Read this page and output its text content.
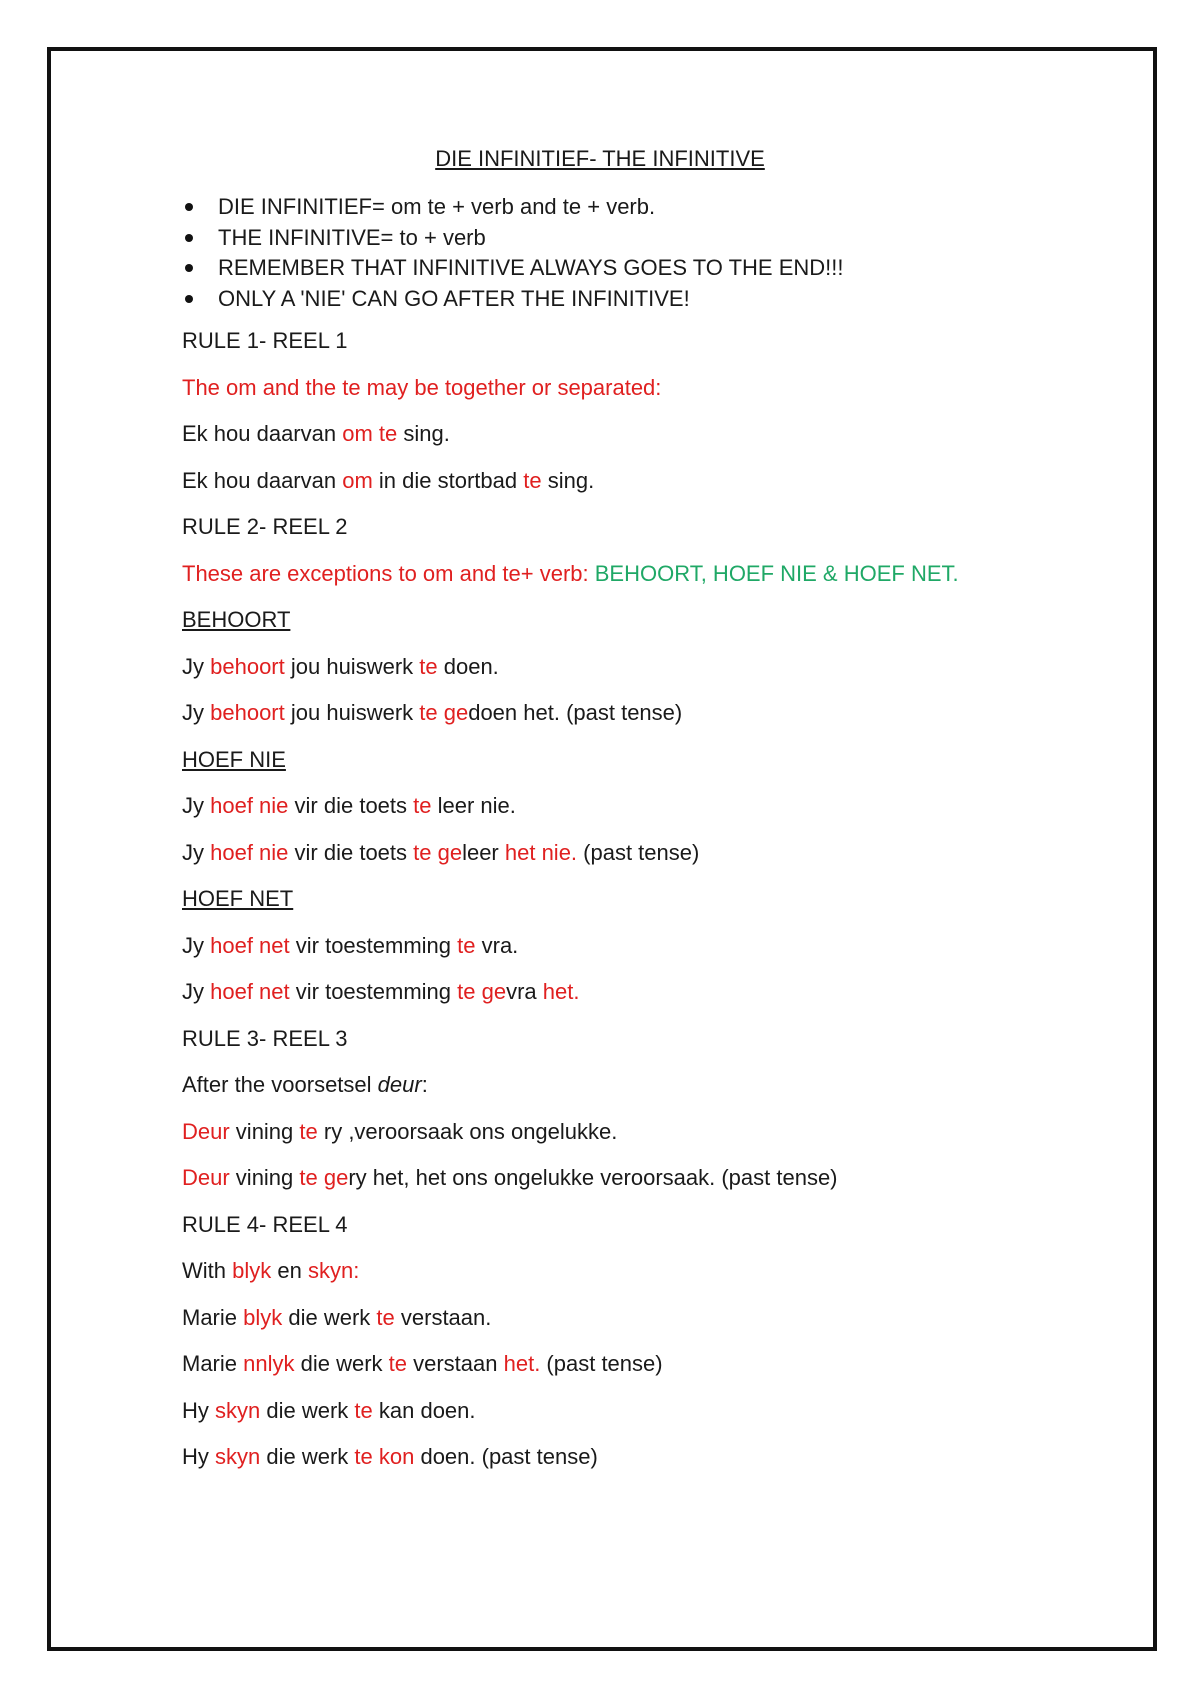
DIE INFINITIEF- THE INFINITIVE
DIE INFINITIEF= om te + verb and te + verb.
THE INFINITIVE= to + verb
REMEMBER THAT INFINITIVE ALWAYS GOES TO THE END!!!
ONLY A 'NIE' CAN GO AFTER THE INFINITIVE!
RULE 1- REEL 1
The om and the te may be together or separated:
Ek hou daarvan om te sing.
Ek hou daarvan om in die stortbad te sing.
RULE 2- REEL 2
These are exceptions to om and te+ verb: BEHOORT, HOEF NIE & HOEF NET.
BEHOORT
Jy behoort jou huiswerk te doen.
Jy behoort jou huiswerk te gedoen het. (past tense)
HOEF NIE
Jy hoef nie vir die toets te leer nie.
Jy hoef nie vir die toets te geleer het nie. (past tense)
HOEF NET
Jy hoef net vir toestemming te vra.
Jy hoef net vir toestemming te gevra het.
RULE 3- REEL 3
After the voorsetsel deur:
Deur vining te ry ,veroorsaak ons ongelukke.
Deur vining te gery het, het ons ongelukke veroorsaak. (past tense)
RULE 4- REEL 4
With blyk en skyn:
Marie blyk die werk te verstaan.
Marie nnlyk die werk te verstaan het. (past tense)
Hy skyn die werk te kan doen.
Hy skyn die werk te kon doen. (past tense)
